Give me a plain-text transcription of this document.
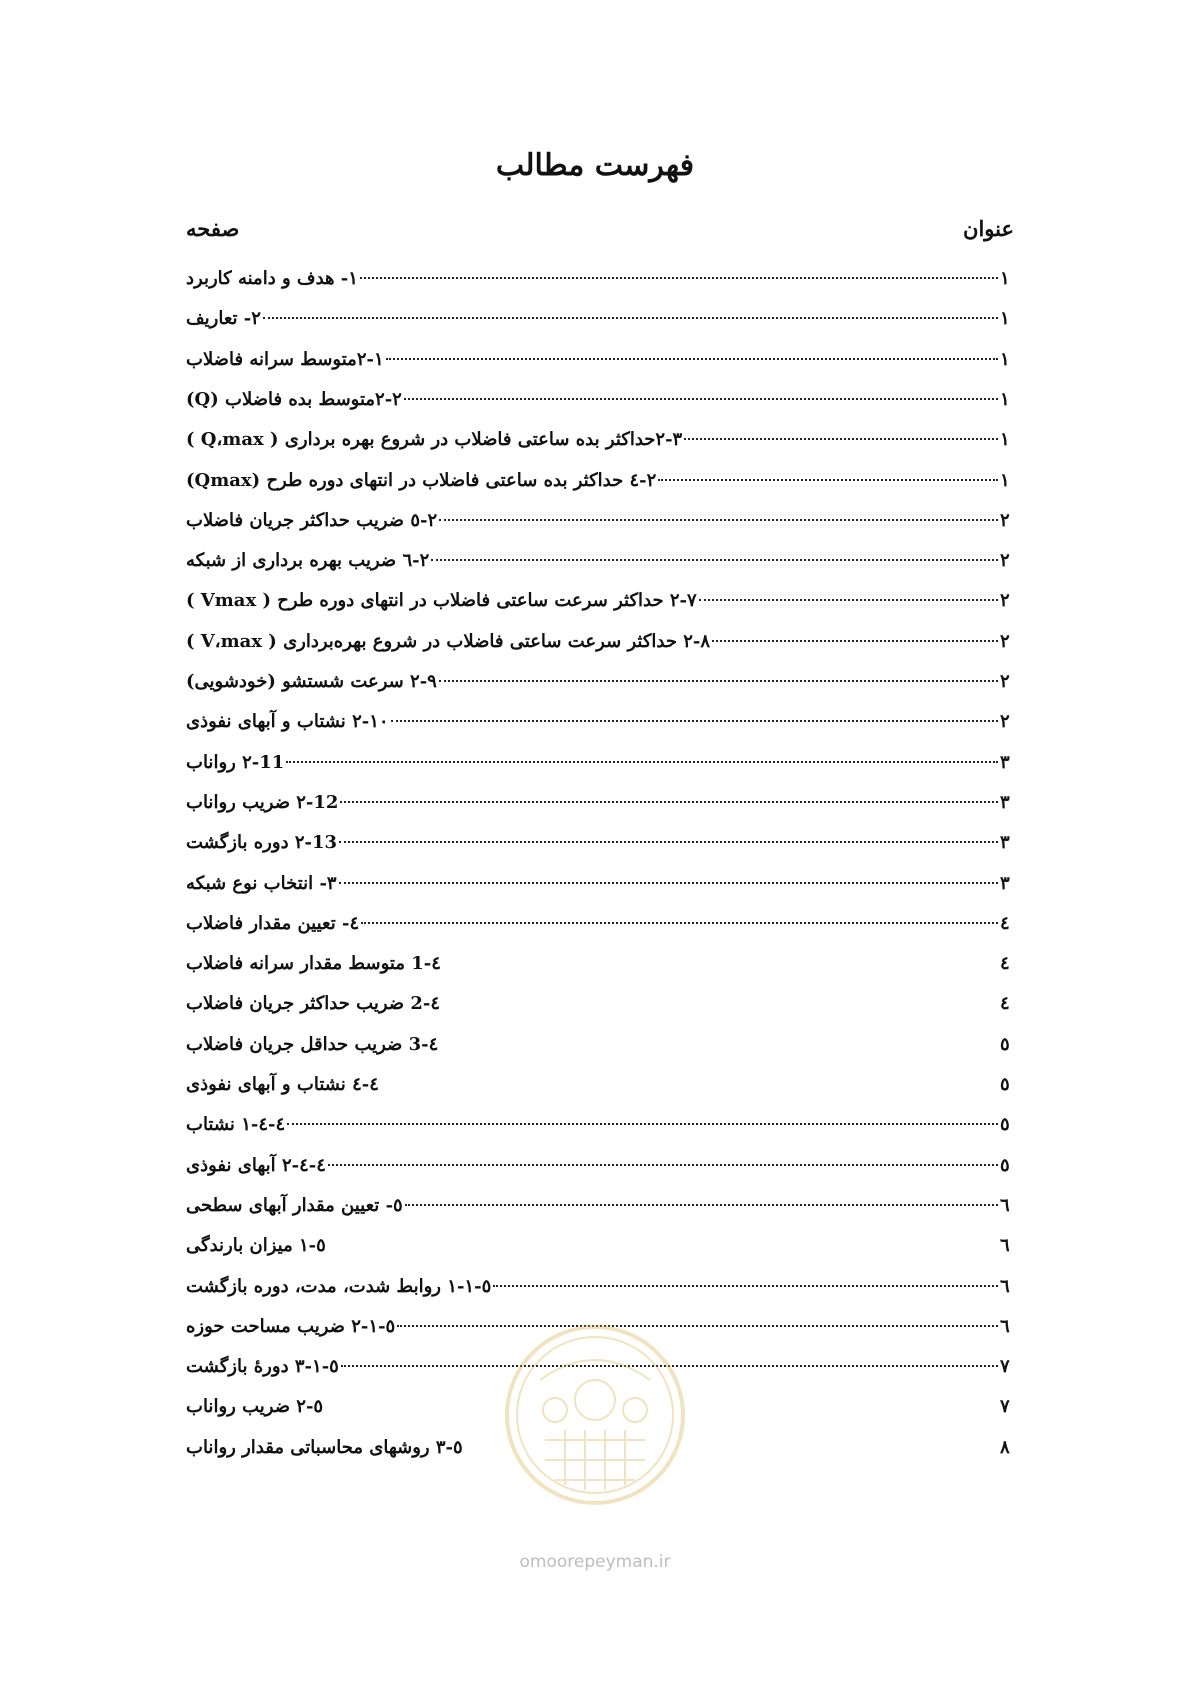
فهرست مطالب
صفحه	عنوان
۱- هدف و دامنه کاربرد	۱
۲- تعاریف	۱
۲-۱متوسط سرانه فاضلاب	۱
۲-۲متوسط بده فاضلاب (Q)	۱
۲-۳حداکثر بده ساعتی فاضلاب در شروع بهره برداری ( Q،max )	۱
۲-٤ حداکثر بده ساعتی فاضلاب در انتهای دوره طرح (Qmax)	۱
۲-٥ ضریب حداکثر جریان فاضلاب	۲
۲-٦ ضریب بهره برداری از شبکه	۲
۲-۷ حداکثر سرعت ساعتی فاضلاب در انتهای دوره طرح ( Vmax )	۲
۲-۸ حداکثر سرعت ساعتی فاضلاب در شروع بهره‌برداری ( V،max )	۲
۲-۹ سرعت شستشو (خودشویی)	۲
۲-۱۰ نشتاب و آبهای نفوذی	۲
۲-11 رواناب	۳
۲-12 ضریب رواناب	۳
۲-13 دوره بازگشت	۳
۳- انتخاب نوع شبکه	۳
٤- تعیین مقدار فاضلاب	٤
٤-1 متوسط مقدار سرانه فاضلاب	٤
٤-2 ضریب حداکثر جریان فاضلاب	٤
٤-3 ضریب حداقل جریان فاضلاب	٥
٤-٤ نشتاب و آبهای نفوذی	٥
٤-٤-١ نشتاب	٥
٤-٤-٢ آبهای نفوذی	٥
٥- تعیین مقدار آبهای سطحی	٦
٥-١ میزان بارندگی	٦
٥-١-١ روابط شدت، مدت، دوره بازگشت	٦
٥-١-٢ ضریب مساحت حوزه	٦
٥-١-٣ دورهٔ بازگشت	۷
٥-٢ ضریب رواناب	۷
٥-٣ روشهای محاسباتی مقدار رواناب	۸
omoorepeyman.ir
